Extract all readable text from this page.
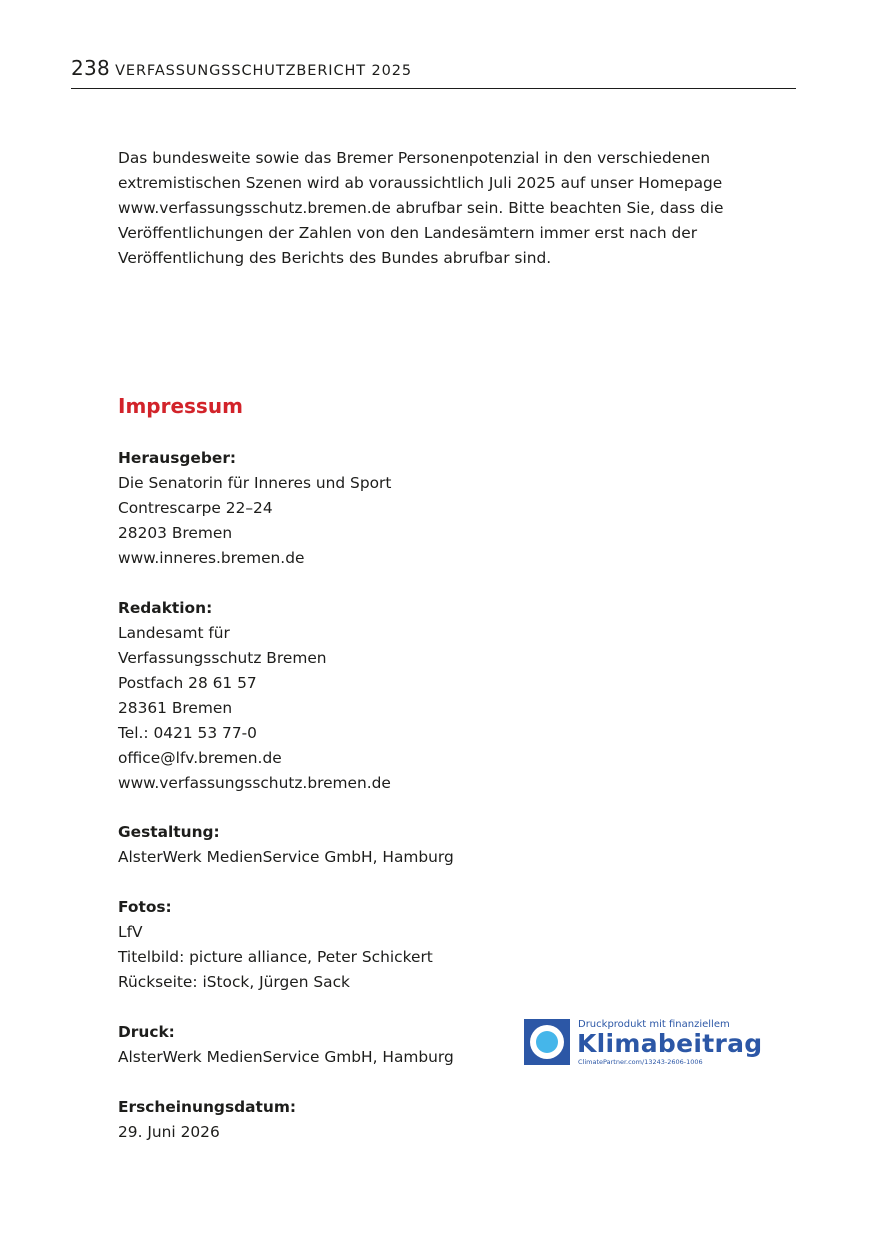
238 VERFASSUNGSSCHUTZBERICHT 2025

Das bundesweite sowie das Bremer Personenpotenzial in den verschiedenen
extremistischen Szenen wird ab voraussichtlich Juli 2025 auf unser Homepage
www.verfassungsschutz.bremen.de abrufbar sein. Bitte beachten Sie, dass die
Veröffentlichungen der Zahlen von den Landesämtern immer erst nach der
Veröffentlichung des Berichts des Bundes abrufbar sind.

Impressum
Herausgeber:
Die Senatorin für Inneres und Sport
Contrescarpe 22–24
28203 Bremen
www.inneres.bremen.de
Redaktion:
Landesamt für
Verfassungsschutz Bremen
Postfach 28 61 57
28361 Bremen
Tel.: 0421 53 77-0
office@lfv.bremen.de
www.verfassungsschutz.bremen.de
Gestaltung:
AlsterWerk MedienService GmbH, Hamburg
Fotos:
LfV
Titelbild: picture alliance, Peter Schickert
Rückseite: iStock, Jürgen Sack
Druck:
AlsterWerk MedienService GmbH, Hamburg
Erscheinungsdatum:
29. Juni 2026
Druckprodukt mit finanziellem
Klimabeitrag
ClimatePartner.com/13243-2606-1006
